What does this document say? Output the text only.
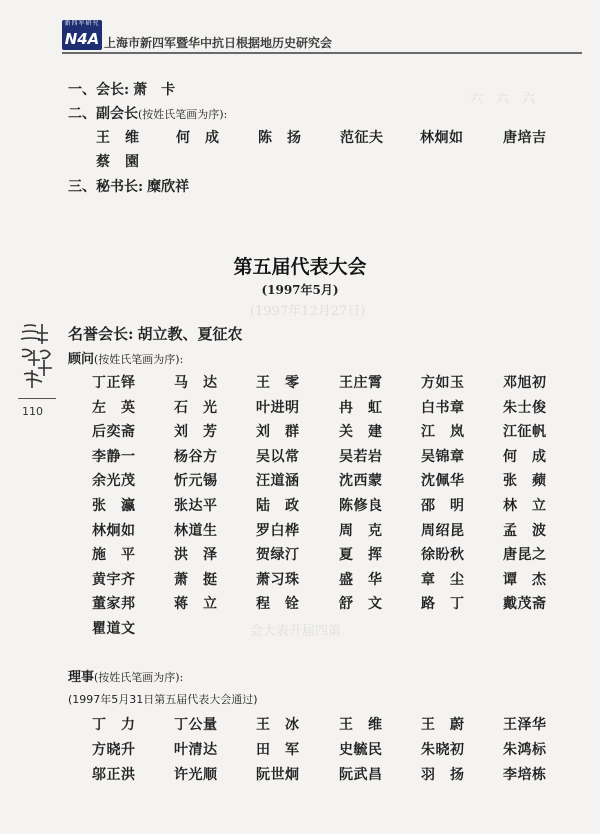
新四军研究
N4A 上海市新四军暨华中抗日根据地历史研究会
110
六　六　六
(1997年12月27日)
会大表升届四第
一、会长: 萧　卡
二、副会长(按姓氏笔画为序):
王　维	何　成	陈　扬	范征夫	林炯如	唐培吉
蔡　園
三、秘书长: 糜欣祥
第五届代表大会
(1997年5月)
名誉会长: 胡立教、夏征农
顾问(按姓氏笔画为序):
丁正铎	马　达	王　零	王庄霄	方如玉	邓旭初
左　英	石　光	叶进明	冉　虹	白书章	朱士俊
后奕斋	刘　芳	刘　群	关　建	江　岚	江征帆
李静一	杨谷方	吴以常	吴若岩	吴锦章	何　成
余光茂	忻元锡	汪道涵	沈西蒙	沈佩华	张　𬞟
张　瀛	张达平	陆　政	陈修良	邵　明	林　立
林炯如	林道生	罗白桦	周　克	周绍昆	孟　波
施　平	洪　泽	贺绿汀	夏　挥	徐盼秋	唐昆之
黄宇齐	萧　挺	萧习珠	盛　华	章　尘	谭　杰
董家邦	蒋　立	程　铨	舒　文	路　丁	戴茂斋
瞿道文
理事(按姓氏笔画为序):
(1997年5月31日第五届代表大会通过)
丁　力	丁公量	王　冰	王　维	王　蔚	王泽华
方晓升	叶清达	田　军	史毓民	朱晓初	朱鸿标
邬正洪	许光顺	阮世炯	阮武昌	羽　扬	李培栋
